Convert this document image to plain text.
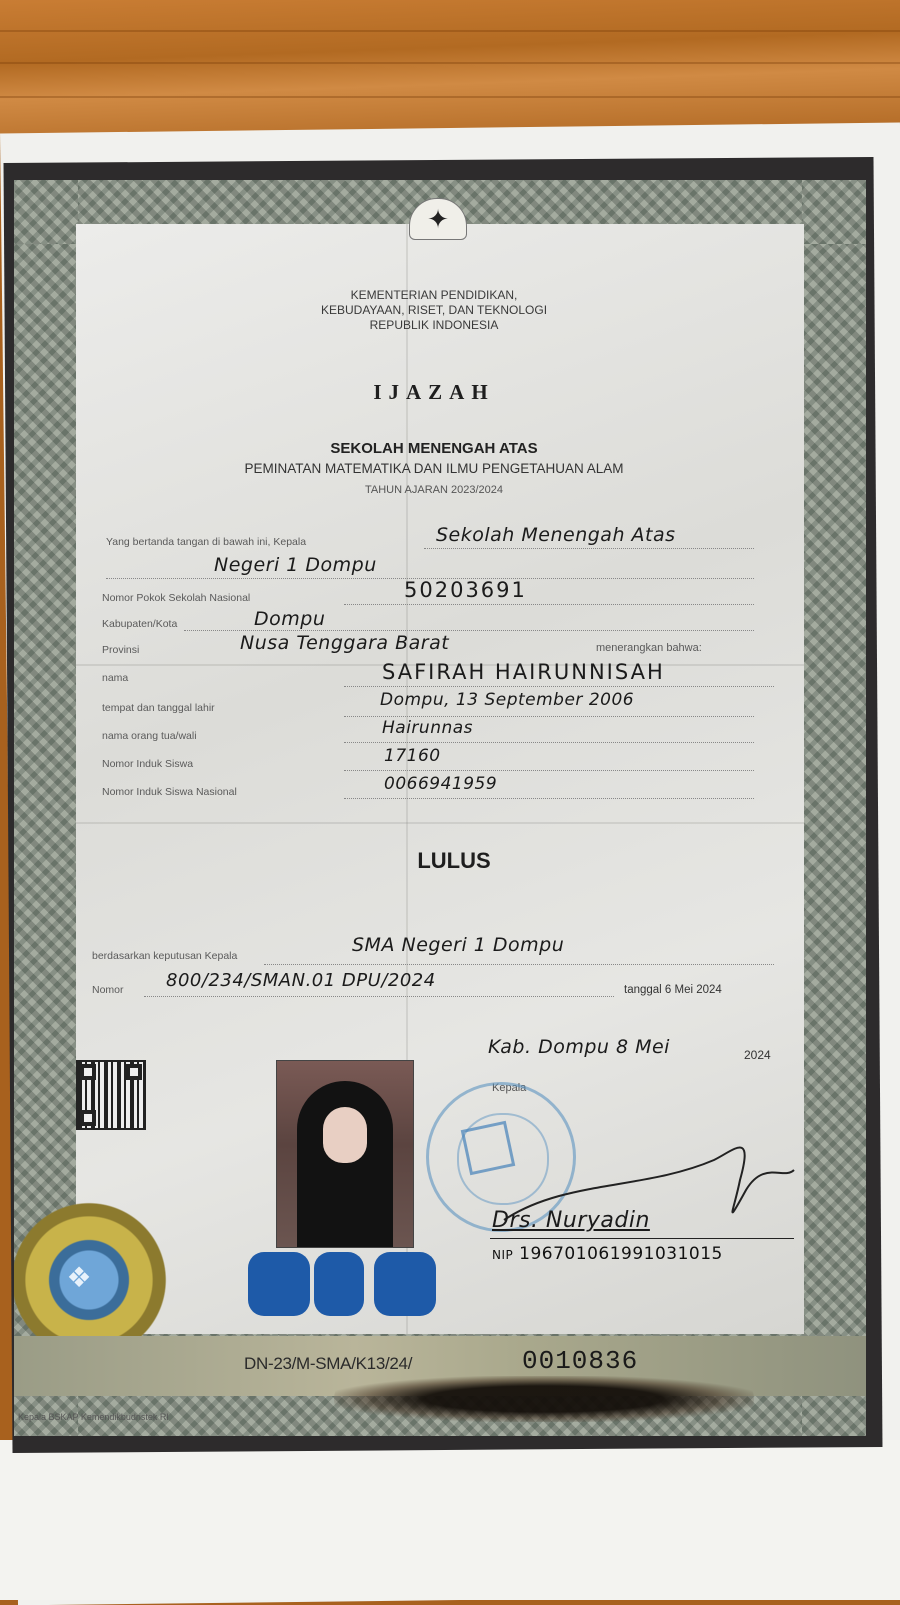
✦
KEMENTERIAN PENDIDIKAN,
KEBUDAYAAN, RISET, DAN TEKNOLOGI
REPUBLIK INDONESIA
IJAZAH
SEKOLAH MENENGAH ATAS
PEMINATAN MATEMATIKA DAN ILMU PENGETAHUAN ALAM
TAHUN AJARAN 2023/2024
Yang bertanda tangan di bawah ini, Kepala	Sekolah Menengah Atas
Negeri 1 Dompu
Nomor Pokok Sekolah Nasional	50203691
Kabupaten/Kota	Dompu
Provinsi	Nusa Tenggara Barat	menerangkan bahwa:
nama	SAFIRAH HAIRUNNISAH
tempat dan tanggal lahir	Dompu, 13 September 2006
nama orang tua/wali	Hairunnas
Nomor Induk Siswa	17160
Nomor Induk Siswa Nasional	0066941959
LULUS
berdasarkan keputusan Kepala	SMA Negeri 1 Dompu
Nomor 800/234/SMAN.01 DPU/2024	tanggal 6 Mei 2024
Kab. Dompu 8 Mei	2024
Kepala
Drs. Nuryadin
NIP 196701061991031015
❖
DN-23/M-SMA/K13/24/	0010836
Kepala BSKAP Kemendikbudristek RI
